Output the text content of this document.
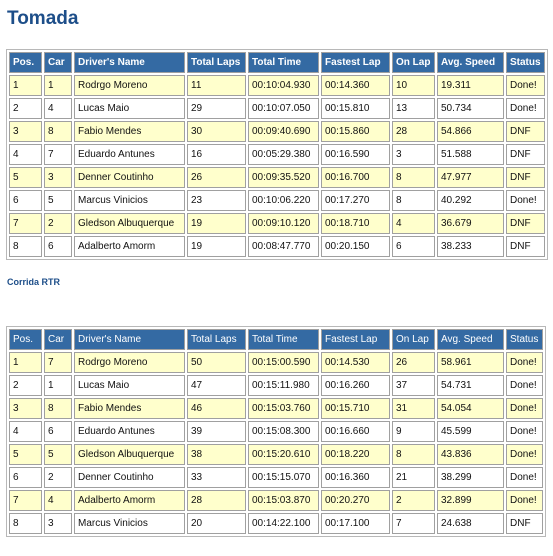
Tomada
Pos.	Car	Driver's Name	Total Laps	Total Time	Fastest Lap	On Lap	Avg. Speed	Status
1	1	Rodrgo Moreno	11	00:10:04.930	00:14.360	10	19.311	Done!
2	4	Lucas Maio	29	00:10:07.050	00:15.810	13	50.734	Done!
3	8	Fabio Mendes	30	00:09:40.690	00:15.860	28	54.866	DNF
4	7	Eduardo Antunes	16	00:05:29.380	00:16.590	3	51.588	DNF
5	3	Denner Coutinho	26	00:09:35.520	00:16.700	8	47.977	DNF
6	5	Marcus Vinicios	23	00:10:06.220	00:17.270	8	40.292	Done!
7	2	Gledson Albuquerque	19	00:09:10.120	00:18.710	4	36.679	DNF
8	6	Adalberto Amorm	19	00:08:47.770	00:20.150	6	38.233	DNF
Corrida RTR
Pos.	Car	Driver's Name	Total Laps	Total Time	Fastest Lap	On Lap	Avg. Speed	Status
1	7	Rodrgo Moreno	50	00:15:00.590	00:14.530	26	58.961	Done!
2	1	Lucas Maio	47	00:15:11.980	00:16.260	37	54.731	Done!
3	8	Fabio Mendes	46	00:15:03.760	00:15.710	31	54.054	Done!
4	6	Eduardo Antunes	39	00:15:08.300	00:16.660	9	45.599	Done!
5	5	Gledson Albuquerque	38	00:15:20.610	00:18.220	8	43.836	Done!
6	2	Denner Coutinho	33	00:15:15.070	00:16.360	21	38.299	Done!
7	4	Adalberto Amorm	28	00:15:03.870	00:20.270	2	32.899	Done!
8	3	Marcus Vinicios	20	00:14:22.100	00:17.100	7	24.638	DNF
